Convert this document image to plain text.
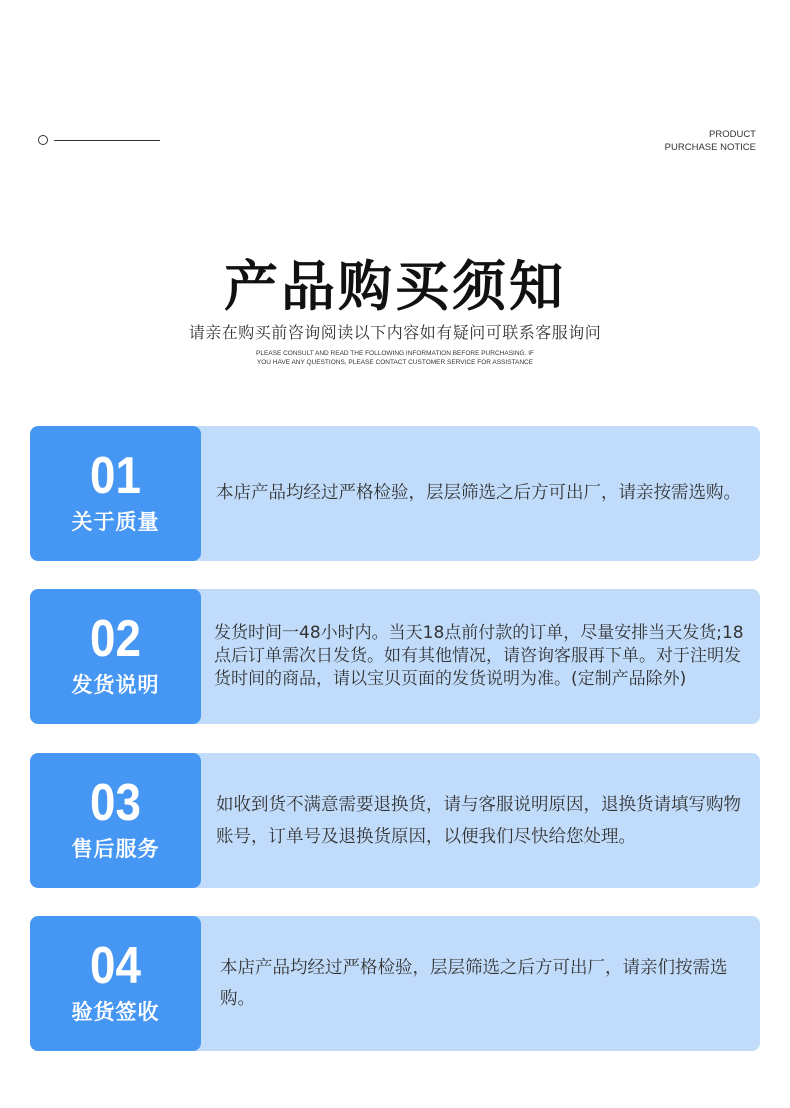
PRODUCT
PURCHASE NOTICE
产品购买须知
请亲在购买前咨询阅读以下内容如有疑问可联系客服询问
PLEASE CONSULT AND READ THE FOLLOWING INFORMATION BEFORE PURCHASING. IF YOU HAVE ANY QUESTIONS, PLEASE CONTACT CUSTOMER SERVICE FOR ASSISTANCE
01
关于质量
本店产品均经过严格检验，层层筛选之后方可出厂，请亲按需选购。
02
发货说明
发货时间一48小时内。当天18点前付款的订单，尽量安排当天发货;18点后订单需次日发货。如有其他情况，请咨询客服再下单。对于注明发货时间的商品，请以宝贝页面的发货说明为准。(定制产品除外)
03
售后服务
如收到货不满意需要退换货，请与客服说明原因，退换货请填写购物账号，订单号及退换货原因，以便我们尽快给您处理。
04
验货签收
本店产品均经过严格检验，层层筛选之后方可出厂，请亲们按需选购。
